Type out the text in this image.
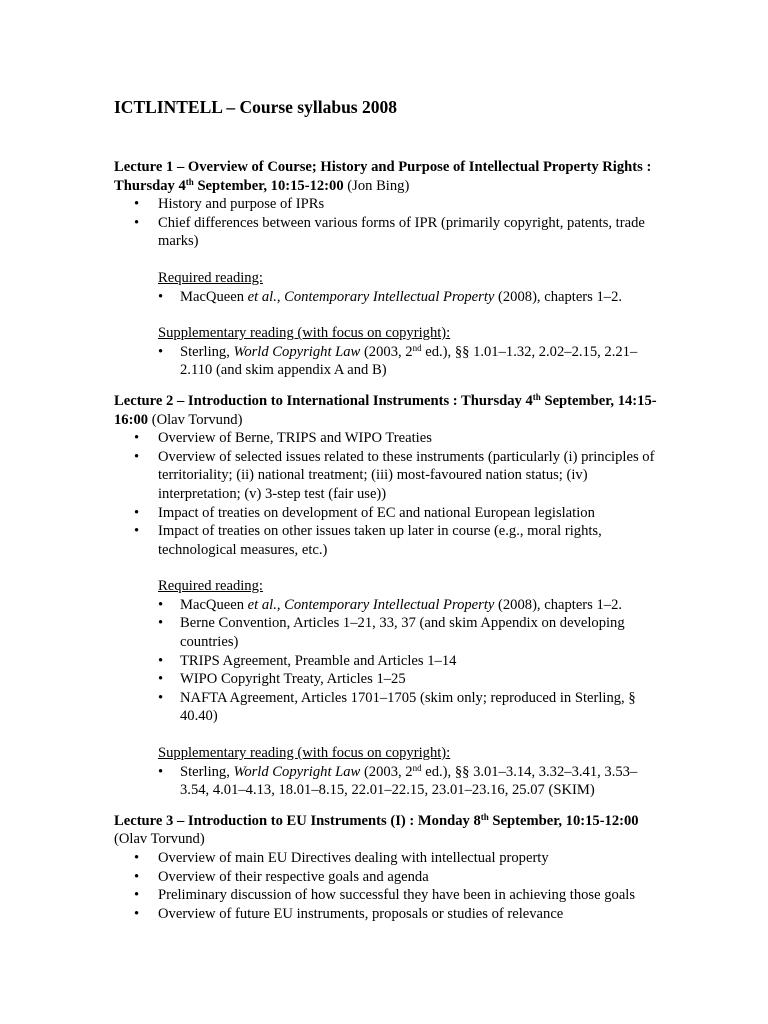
ICTLINTELL – Course syllabus 2008

Lecture 1 – Overview of Course; History and Purpose of Intellectual Property Rights : Thursday 4th September, 10:15-12:00 (Jon Bing)

• History and purpose of IPRs
• Chief differences between various forms of IPR (primarily copyright, patents, trade marks)

Required reading:

• MacQueen et al., Contemporary Intellectual Property (2008), chapters 1–2.

Supplementary reading (with focus on copyright):

• Sterling, World Copyright Law (2003, 2nd ed.), §§ 1.01–1.32, 2.02–2.15, 2.21–2.110 (and skim appendix A and B)

Lecture 2 – Introduction to International Instruments : Thursday 4th September, 14:15-16:00 (Olav Torvund)

• Overview of Berne, TRIPS and WIPO Treaties
• Overview of selected issues related to these instruments (particularly (i) principles of territoriality; (ii) national treatment; (iii) most-favoured nation status; (iv) interpretation; (v) 3-step test (fair use))
• Impact of treaties on development of EC and national European legislation
• Impact of treaties on other issues taken up later in course (e.g., moral rights, technological measures, etc.)

Required reading:

• MacQueen et al., Contemporary Intellectual Property (2008), chapters 1–2.
• Berne Convention, Articles 1–21, 33, 37 (and skim Appendix on developing countries)
• TRIPS Agreement, Preamble and Articles 1–14
• WIPO Copyright Treaty, Articles 1–25
• NAFTA Agreement, Articles 1701–1705 (skim only; reproduced in Sterling, § 40.40)

Supplementary reading (with focus on copyright):

• Sterling, World Copyright Law (2003, 2nd ed.), §§ 3.01–3.14, 3.32–3.41, 3.53–3.54, 4.01–4.13, 18.01–8.15, 22.01–22.15, 23.01–23.16, 25.07 (SKIM)

Lecture 3 – Introduction to EU Instruments (I) : Monday 8th September, 10:15-12:00 (Olav Torvund)

• Overview of main EU Directives dealing with intellectual property
• Overview of their respective goals and agenda
• Preliminary discussion of how successful they have been in achieving those goals
• Overview of future EU instruments, proposals or studies of relevance
